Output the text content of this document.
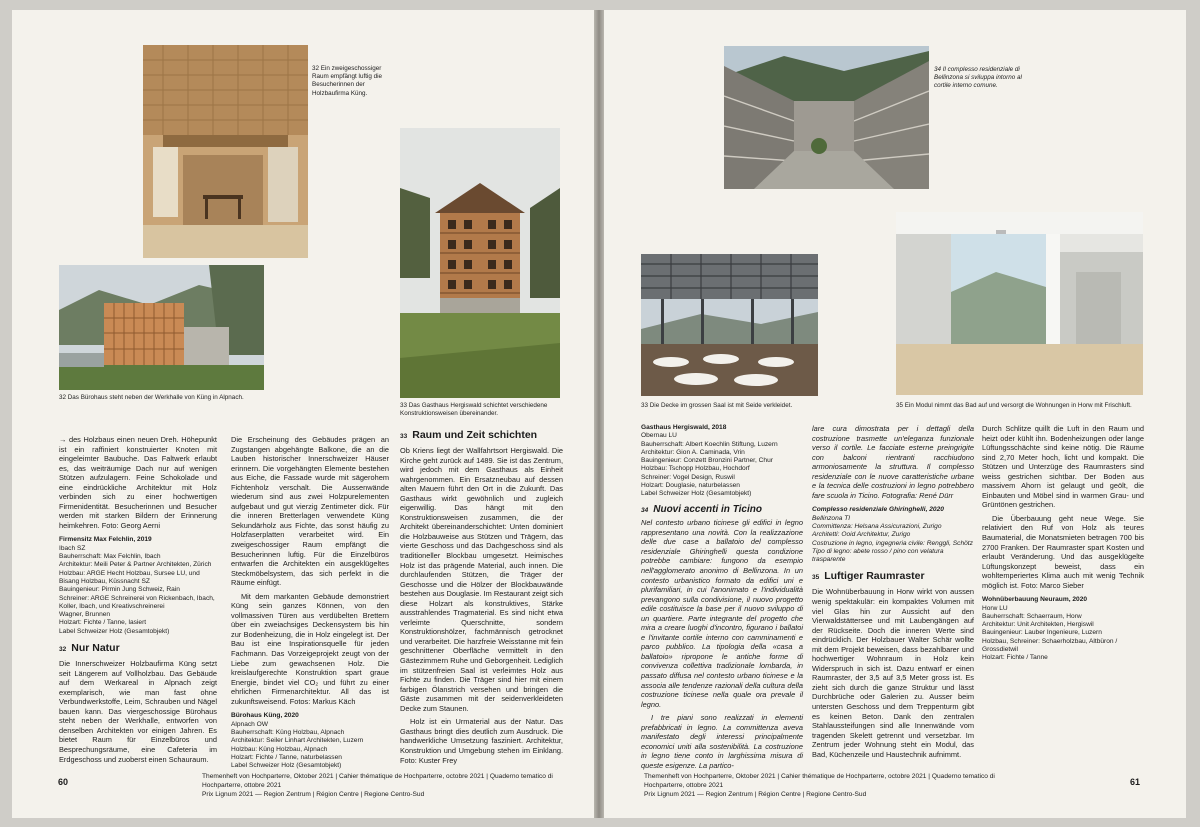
32 Ein zweigeschossiger Raum empfängt luftig die Besucherinnen der Holzbaufirma Küng.
32 Das Bürohaus steht neben der Werkhalle von Küng in Alpnach.
33 Das Gasthaus Hergiswald schichtet verschiedene Konstruktionsweisen übereinander.

→ des Holzbaus einen neuen Dreh. Höhepunkt ist ein raffiniert konstruierter Knoten mit eingeleimter Baubuche. Das Faltwerk erlaubt es, das weiträumige Dach nur auf wenigen Stützen aufzulagern. Feine Schokolade und eine eindrückliche Architektur mit Holz verbinden sich zu einer hochwertigen Firmenidentität. Besucherinnen und Besucher werden mit starken Bildern der Erinnerung heimkehren. Foto: Georg Aerni

Firmensitz Max Felchlin, 2019
Ibach SZ
Bauherrschaft: Max Felchlin, Ibach
Architektur: Meili Peter & Partner Architekten, Zürich
Holzbau: ARGE Hecht Holzbau, Sursee LU, und Bisang Holzbau, Küssnacht SZ
Bauingenieur: Pirmin Jung Schweiz, Rain
Schreiner: ARGE Schreinerei von Rickenbach, Ibach, Koller, Ibach, und Kreativschreinerei
Wagner, Brunnen
Holzart: Fichte / Tanne, lasiert
Label Schweizer Holz (Gesamtobjekt)
32 Nur Natur

Die Innerschweizer Holzbaufirma Küng setzt seit Längerem auf Vollholzbau. Das Gebäude auf dem Werkareal in Alpnach zeigt exemplarisch, wie man fast ohne Verbundwerkstoffe, Leim, Schrauben und Nägel bauen kann. Das viergeschossige Bürohaus steht neben der Werkhalle, entworfen von denselben Architekten vor einigen Jahren. Es bietet Raum für Einzelbüros und Besprechungsräume, eine Cafeteria im Erdgeschoss und zuoberst einen Schauraum.

Die Erscheinung des Gebäudes prägen an Zugstangen abgehängte Balkone, die an die Lauben historischer Innerschweizer Häuser erinnern. Die vorgehängten Elemente bestehen aus Eiche, die Fassade wurde mit sägerohem Fichtenholz verschalt. Die Aussenwände wiederum sind aus zwei Holzpurelementen aufgebaut und gut vierzig Zentimeter dick. Für die inneren Bretterlagen verwendete Küng Sekundärholz aus Fichte, das sonst häufig zu Holzfaserplatten verarbeitet wird. Ein zweigeschossiger Raum empfängt die Besucherinnen luftig. Für die Einzelbüros entwarfen die Architekten ein ausgeklügeltes Steckmöbelsystem, das sich perfekt in die Räume einfügt.

Mit dem markanten Gebäude demonstriert Küng sein ganzes Können, von den vollmassiven Türen aus verdübelten Brettern über ein zweiachsiges Deckensystem bis hin zur Bodenheizung, die in Holz eingelegt ist. Der Bau ist eine Inspirationsquelle für jeden Fachmann. Das Vorzeigeprojekt zeugt von der Liebe zum gewachsenen Holz. Die kreislaufgerechte Konstruktion spart graue Energie, bindet viel CO₂ und führt zu einer ehrlichen Firmenarchitektur. All das ist zukunftsweisend. Fotos: Markus Käch

Bürohaus Küng, 2020
Alpnach OW
Bauherrschaft: Küng Holzbau, Alpnach
Architektur: Seiler Linhart Architekten, Luzern
Holzbau: Küng Holzbau, Alpnach
Holzart: Fichte / Tanne, naturbelassen
Label Schweizer Holz (Gesamtobjekt)
33 Raum und Zeit schichten

Ob Kriens liegt der Wallfahrtsort Hergiswald. Die Kirche geht zurück auf 1489. Sie ist das Zentrum, wird jedoch mit dem Gasthaus als Einheit wahrgenommen. Ein Ersatzneubau auf dessen alten Mauern führt den Ort in die Zukunft. Das Gasthaus wirkt gewöhnlich und zugleich eigenwillig. Das hängt mit den Konstruktionsweisen zusammen, die der Architekt übereinanderschichtet: Unten dominiert die Holzbauweise aus Stützen und Trägern, das vierte Geschoss und das Dachgeschoss sind als traditioneller Blockbau umgesetzt. Heimisches Holz ist das prägende Material, auch innen. Die durchlaufenden Stützen, die Träger der Geschosse und die Hölzer der Blockbauwände bestehen aus Douglasie. Im Restaurant zeigt sich diese Holzart als konstruktives, Stärke ausstrahlendes Tragmaterial. Es sind nicht etwa verleimte Querschnitte, sondern Konstruktionshölzer, fachmännisch getrocknet und verarbeitet. Die harzfreie Weisstanne mit fein geschnittener Oberfläche vermittelt in den Gästezimmern Ruhe und Geborgenheit. Lediglich im stützenfreien Saal ist verleimtes Holz aus Fichte zu finden. Die Träger sind hier mit einem farbigen Ölanstrich versehen und bringen die Gäste zusammen mit der seidenverkleideten Decke zum Staunen.

Holz ist ein Urmaterial aus der Natur. Das Gasthaus bringt dies deutlich zum Ausdruck. Die handwerkliche Umsetzung fasziniert. Architektur, Konstruktion und Umgebung stehen im Einklang. Foto: Kuster Frey

60
Themenheft von Hochparterre, Oktober 2021 | Cahier thématique de Hochparterre, octobre 2021 | Quaderno tematico di Hochparterre, ottobre 2021
Prix Lignum 2021 — Region Zentrum | Région Centre | Regione Centro-Sud
34 Il complesso residenziale di Bellinzona si sviluppa intorno al cortile interno comune.
33 Die Decke im grossen Saal ist mit Seide verkleidet.	35 Ein Modul nimmt das Bad auf und versorgt die Wohnungen in Horw mit Frischluft.
Gasthaus Hergiswald, 2018
Obernau LU
Bauherrschaft: Albert Koechlin Stiftung, Luzern
Architektur: Gion A. Caminada, Vrin
Bauingenieur: Conzett Bronzini Partner, Chur
Holzbau: Tschopp Holzbau, Hochdorf
Schreiner: Vogel Design, Ruswil
Holzart: Douglasie, naturbelassen
Label Schweizer Holz (Gesamtobjekt)
34 Nuovi accenti in Ticino

Nel contesto urbano ticinese gli edifici in legno rappresentano una novità. Con la realizzazione delle due case a ballatoio del complesso residenziale Ghiringhelli questa condizione potrebbe cambiare: fungono da esempio nell'agglomerato anonimo di Bellinzona. In un contesto urbanistico formato da edifici uni e plurifamiliari, in cui l'anonimato e l'individualità prevangono sulla condivisione, il nuovo progetto edile costituisce la base per il nuovo sviluppo di un quartiere. Parte integrante del progetto che mira a creare luoghi d'incontro, figurano i ballatoi e l'invitante cortile interno con camminamenti e parco pubblico. La tipologia della «casa a ballatoio» ripropone le antiche forme di convivenza collettiva tradizionale lombarda, in passato diffusa nel contesto urbano ticinese e la associa alle tendenze razionali della cultura della costruzione ticinese nella quale ora prevale il legno.

I tre piani sono realizzati in elementi prefabbricati in legno. La committenza aveva manifestato degli interessi principalmente economici uniti alla sostenibilità. La costruzione in legno tiene conto in larghissima misura di queste esigenze. La partico-

lare cura dimostrata per i dettagli della costruzione trasmette un'eleganza funzionale verso il cortile. Le facciate esterne preingrigite con balconi rientranti racchiudono armoniosamente la struttura. Il complesso residenziale con le nuove caratteristiche urbane e la tecnica delle costruzioni in legno potrebbero fare scuola in Ticino. Fotografia: René Dürr

Complesso residenziale Ghiringhelli, 2020
Bellinzona TI
Committenza: Helsana Assicurazioni, Zurigo
Architetti: Ooid Architektur, Zurigo
Costruzione in legno, ingegneria civile: Renggli, Schötz
Tipo di legno: abete rosso / pino con velatura trasparente
35 Luftiger Raumraster

Die Wohnüberbauung in Horw wirkt von aussen wenig spektakulär: ein kompaktes Volumen mit viel Glas hin zur Aussicht auf den Vierwaldstättersee und mit Laubengängen auf der Rückseite. Doch die inneren Werte sind eindrücklich. Der Holzbauer Walter Schär wollte mit dem Projekt beweisen, dass bezahlbarer und hochwertiger Wohnraum in Holz kein Widerspruch in sich ist. Dazu entwarf er einen Raumraster, der 3,5 auf 3,5 Meter gross ist. Es zieht sich durch die ganze Struktur und lässt Durchbrüche oder Galerien zu. Ausser beim untersten Geschoss und dem Treppenturm gibt es keinen Beton. Dank den zentralen Stahlaussteifungen sind alle Innenwände vom tragenden Skelett getrennt und versetzbar. Im Zentrum jeder Wohnung steht ein Modul, das Bad, Küchenzeile und Haustechnik aufnimmt.

Durch Schlitze quillt die Luft in den Raum und heizt oder kühlt ihn. Bodenheizungen oder lange Lüftungsschächte sind keine nötig. Die Räume sind 2,70 Meter hoch, licht und kompakt. Die Stützen und Unterzüge des Raumrasters sind weiss gestrichen sichtbar. Der Boden aus massivem Ahorn ist gelaugt und geölt, die Einbauten und Möbel sind in warmen Grau- und Grüntönen gestrichen.

Die Überbauung geht neue Wege. Sie relativiert den Ruf von Holz als teures Baumaterial, die Monatsmieten betragen 700 bis 2700 Franken. Der Raumraster spart Kosten und erlaubt Veränderung. Und das ausgeklügelte Lüftungskonzept beweist, dass ein wohltemperiertes Klima auch mit wenig Technik möglich ist. Foto: Marco Sieber

Wohnüberbauung Neuraum, 2020
Horw LU
Bauherrschaft: Schaerraum, Horw
Architektur: Unit Architekten, Hergiswil
Bauingenieur: Lauber Ingenieure, Luzern
Holzbau, Schreiner: Schaerholzbau, Altbüron / Grossdietwil
Holzart: Fichte / Tanne
Themenheft von Hochparterre, Oktober 2021 | Cahier thématique de Hochparterre, octobre 2021 | Quaderno tematico di Hochparterre, ottobre 2021
Prix Lignum 2021 — Region Zentrum | Région Centre | Regione Centro-Sud
61
